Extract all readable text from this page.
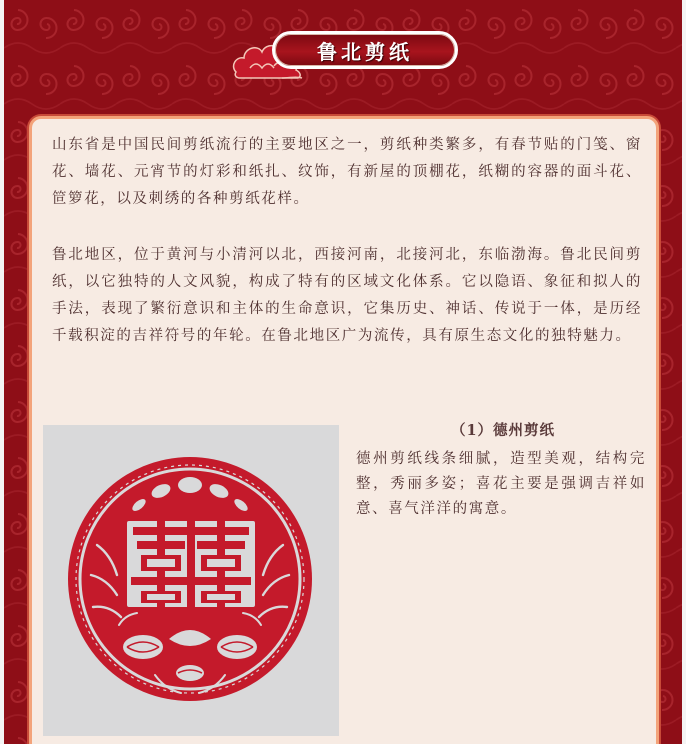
鲁北剪纸

山东省是中国民间剪纸流行的主要地区之一，剪纸种类繁多，有春节贴的门笺、窗花、墙花、元宵节的灯彩和纸扎、纹饰，有新屋的顶棚花，纸糊的容器的面斗花、笸箩花，以及刺绣的各种剪纸花样。

鲁北地区，位于黄河与小清河以北，西接河南，北接河北，东临渤海。鲁北民间剪纸，以它独特的人文风貌，构成了特有的区域文化体系。它以隐语、象征和拟人的手法，表现了繁衍意识和主体的生命意识，它集历史、神话、传说于一体，是历经千载积淀的吉祥符号的年轮。在鲁北地区广为流传，具有原生态文化的独特魅力。

（1）德州剪纸

德州剪纸线条细腻，造型美观，结构完整，秀丽多姿；喜花主要是强调吉祥如意、喜气洋洋的寓意。
